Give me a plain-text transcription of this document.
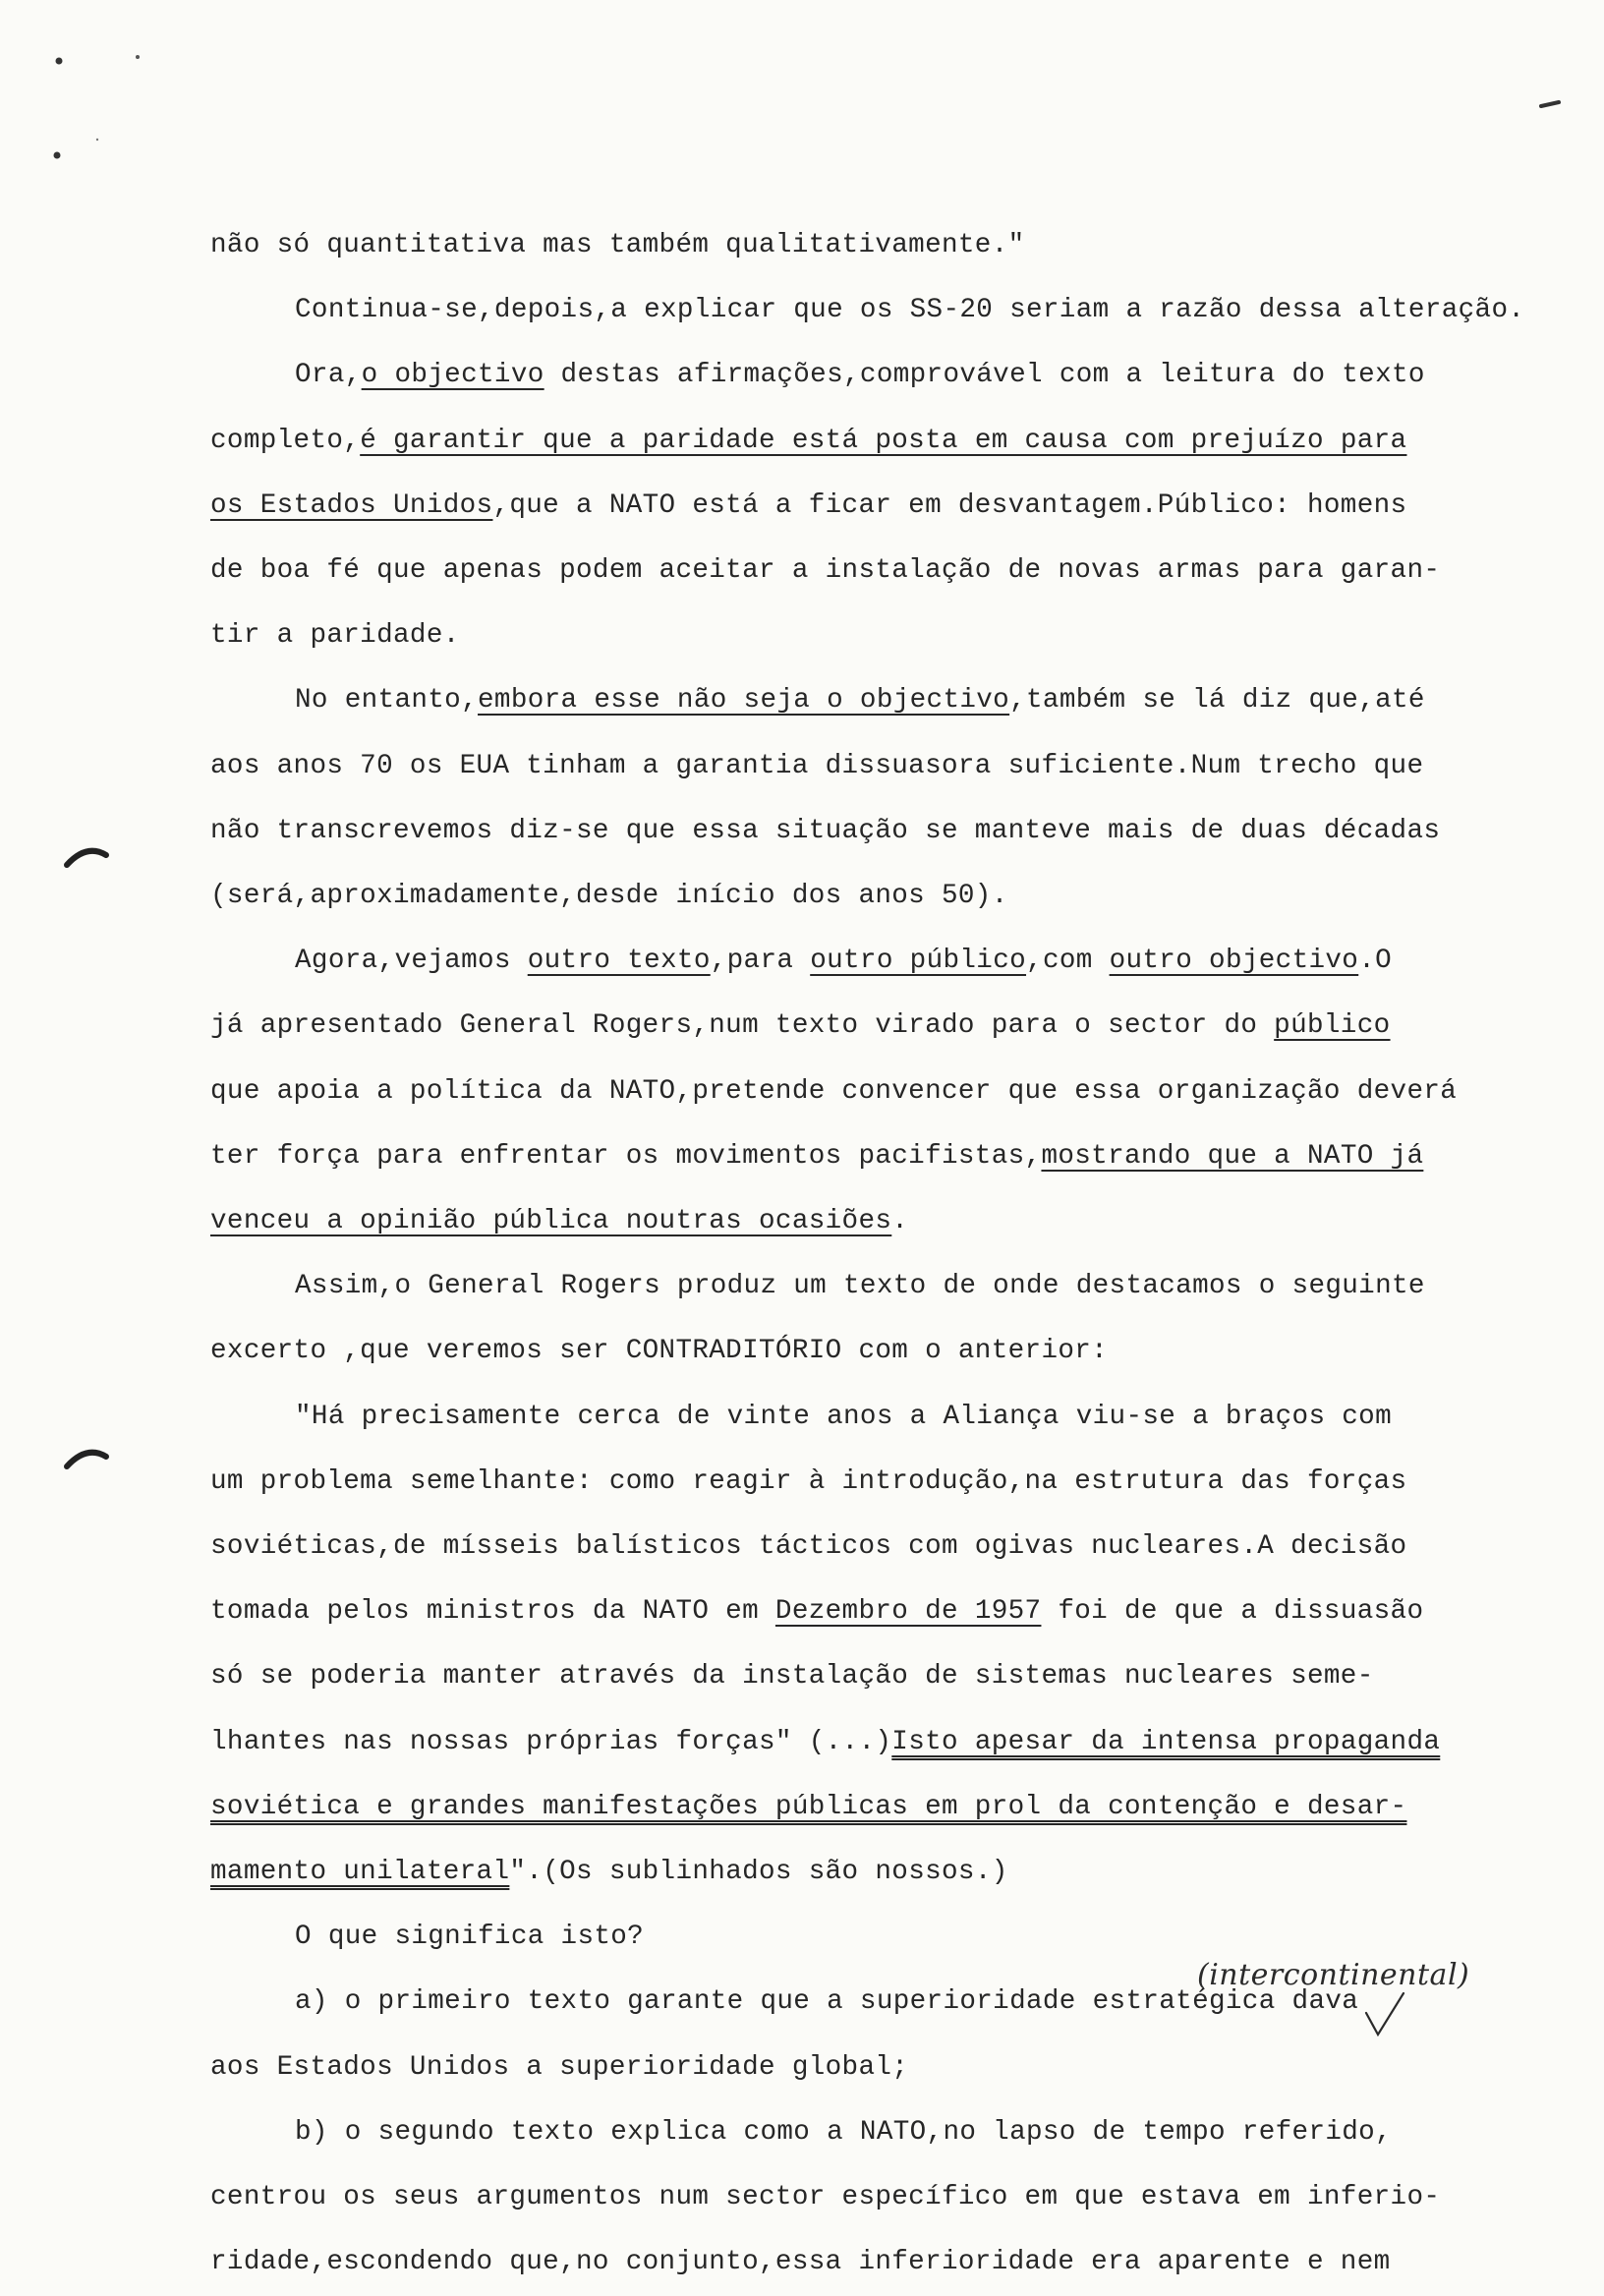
não só quantitativa mas também qualitativamente."
Continua-se,depois,a explicar que os SS-20 seriam a razão dessa alteração.
Ora,o objectivo destas afirmações,comprovável com a leitura do texto
completo,é garantir que a paridade está posta em causa com prejuízo para
os Estados Unidos,que a NATO está a ficar em desvantagem.Público: homens
de boa fé que apenas podem aceitar a instalação de novas armas para garan-
tir a paridade.
No entanto,embora esse não seja o objectivo,também se lá diz que,até
aos anos 70 os EUA tinham a garantia dissuasora suficiente.Num trecho que
não transcrevemos diz-se que essa situação se manteve mais de duas décadas
(será,aproximadamente,desde início dos anos 50).
Agora,vejamos outro texto,para outro público,com outro objectivo.O
já apresentado General Rogers,num texto virado para o sector do público
que apoia a política da NATO,pretende convencer que essa organização deverá
ter força para enfrentar os movimentos pacifistas,mostrando que a NATO já
venceu a opinião pública noutras ocasiões.
Assim,o General Rogers produz um texto de onde destacamos o seguinte
excerto ,que veremos ser CONTRADITÓRIO com o anterior:
"Há precisamente cerca de vinte anos a Aliança viu-se a braços com
um problema semelhante: como reagir à introdução,na estrutura das forças
soviéticas,de mísseis balísticos tácticos com ogivas nucleares.A decisão
tomada pelos ministros da NATO em Dezembro de 1957 foi de que a dissuasão
só se poderia manter através da instalação de sistemas nucleares seme-
lhantes nas nossas próprias forças" (...)Isto apesar da intensa propaganda
soviética e grandes manifestações públicas em prol da contenção e desar-
mamento unilateral".(Os sublinhados são nossos.)
O que significa isto?
a) o primeiro texto garante que a superioridade estratégica dava
aos Estados Unidos a superioridade global;
b) o segundo texto explica como a NATO,no lapso de tempo referido,
centrou os seus argumentos num sector específico em que estava em inferio-
ridade,escondendo que,no conjunto,essa inferioridade era aparente e nem
(intercontinental)
